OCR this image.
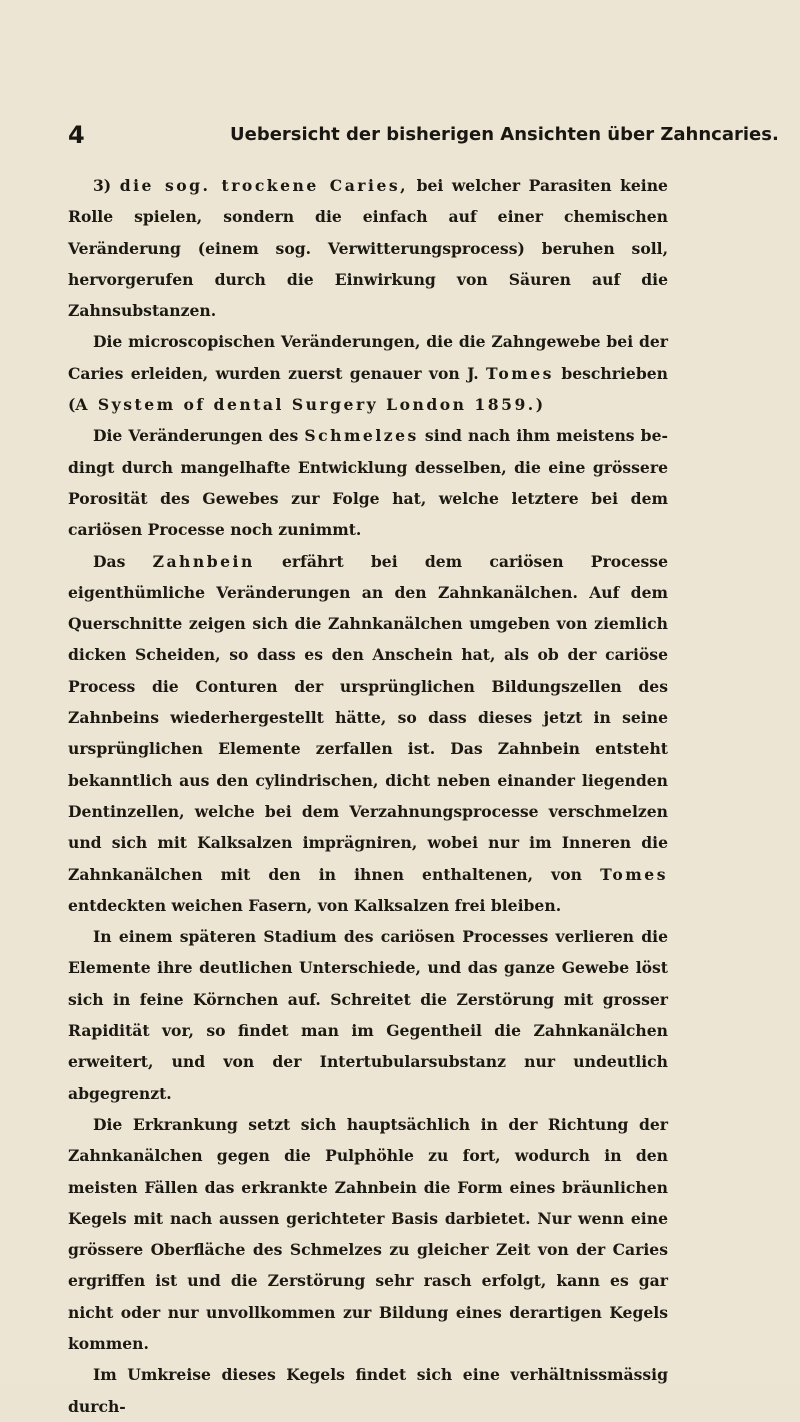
4	Uebersicht der bisherigen Ansichten über Zahncaries.

3) die sog. trockene Caries, bei welcher Parasiten keine Rolle spielen, sondern die einfach auf einer chemischen Veränderung (einem sog. Verwitterungsprocess) beruhen soll, hervorgerufen durch die Einwirkung von Säuren auf die Zahnsubstanzen.

Die microscopischen Veränderungen, die die Zahngewebe bei der Caries erleiden, wurden zuerst genauer von J. Tomes beschrieben (A System of dental Surgery London 1859.)

Die Veränderungen des Schmelzes sind nach ihm meistens bedingt durch mangelhafte Entwicklung desselben, die eine grössere Porosität des Gewebes zur Folge hat, welche letztere bei dem cariösen Processe noch zunimmt.

Das Zahnbein erfährt bei dem cariösen Processe eigenthümliche Veränderungen an den Zahnkanälchen. Auf dem Querschnitte zeigen sich die Zahnkanälchen umgeben von ziemlich dicken Scheiden, so dass es den Anschein hat, als ob der cariöse Process die Conturen der ursprünglichen Bildungszellen des Zahnbeins wiederhergestellt hätte, so dass dieses jetzt in seine ursprünglichen Elemente zerfallen ist. Das Zahnbein entsteht bekanntlich aus den cylindrischen, dicht neben einander liegenden Dentinzellen, welche bei dem Verzahnungsprocesse verschmelzen und sich mit Kalksalzen imprägniren, wobei nur im Inneren die Zahnkanälchen mit den in ihnen enthaltenen, von Tomes entdeckten weichen Fasern, von Kalksalzen frei bleiben.

In einem späteren Stadium des cariösen Processes verlieren die Elemente ihre deutlichen Unterschiede, und das ganze Gewebe löst sich in feine Körnchen auf. Schreitet die Zerstörung mit grosser Rapidität vor, so findet man im Gegentheil die Zahnkanälchen erweitert, und von der Intertubularsubstanz nur undeutlich abgegrenzt.

Die Erkrankung setzt sich hauptsächlich in der Richtung der Zahnkanälchen gegen die Pulphöhle zu fort, wodurch in den meisten Fällen das erkrankte Zahnbein die Form eines bräunlichen Kegels mit nach aussen gerichteter Basis darbietet. Nur wenn eine grössere Oberfläche des Schmelzes zu gleicher Zeit von der Caries ergriffen ist und die Zerstörung sehr rasch erfolgt, kann es gar nicht oder nur unvollkommen zur Bildung eines derartigen Kegels kommen.

Im Umkreise dieses Kegels findet sich eine verhältnissmässig durch-
